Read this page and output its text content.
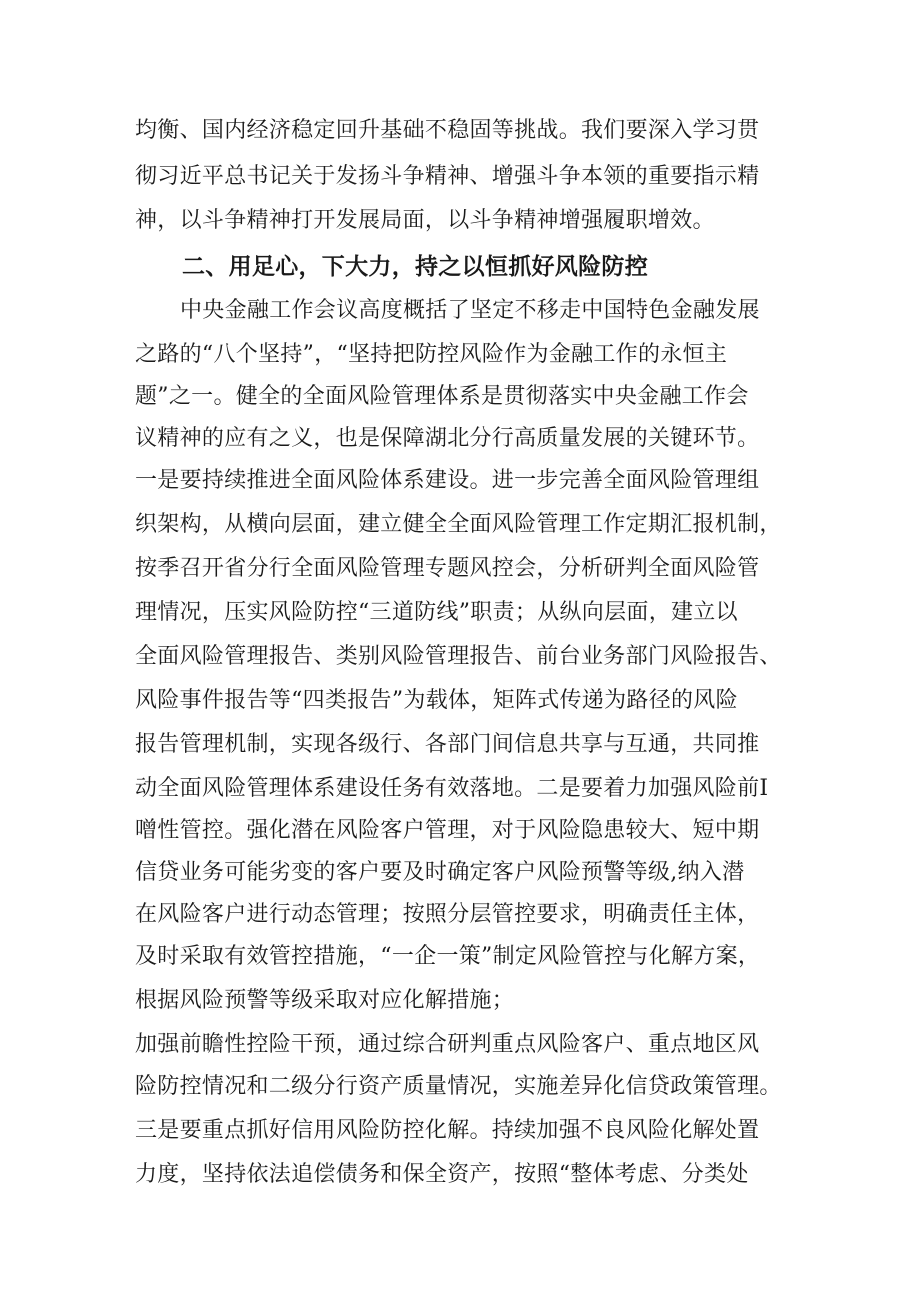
均衡、国内经济稳定回升基础不稳固等挑战。我们要深入学习贯
彻习近平总书记关于发扬斗争精神、增强斗争本领的重要指示精
神，以斗争精神打开发展局面，以斗争精神增强履职增效。
二、用足心，下大力，持之以恒抓好风险防控
中央金融工作会议高度概括了坚定不移走中国特色金融发展
之路的“八个坚持”，“坚持把防控风险作为金融工作的永恒主
题”之一。健全的全面风险管理体系是贯彻落实中央金融工作会
议精神的应有之义，也是保障湖北分行高质量发展的关键环节。
一是要持续推进全面风险体系建设。进一步完善全面风险管理组
织架构，从横向层面，建立健全全面风险管理工作定期汇报机制，
按季召开省分行全面风险管理专题风控会，分析研判全面风险管
理情况，压实风险防控“三道防线”职责；从纵向层面，建立以
全面风险管理报告、类别风险管理报告、前台业务部门风险报告、
风险事件报告等“四类报告”为载体，矩阵式传递为路径的风险
报告管理机制，实现各级行、各部门间信息共享与互通，共同推
动全面风险管理体系建设任务有效落地。二是要着力加强风险前I
噌性管控。强化潜在风险客户管理，对于风险隐患较大、短中期
信贷业务可能劣变的客户要及时确定客户风险预警等级,纳入潜
在风险客户进行动态管理；按照分层管控要求，明确责任主体，
及时采取有效管控措施，“一企一策”制定风险管控与化解方案，
根据风险预警等级采取对应化解措施；
加强前瞻性控险干预，通过综合研判重点风险客户、重点地区风
险防控情况和二级分行资产质量情况，实施差异化信贷政策管理。
三是要重点抓好信用风险防控化解。持续加强不良风险化解处置
力度，坚持依法追偿债务和保全资产，按照“整体考虑、分类处
